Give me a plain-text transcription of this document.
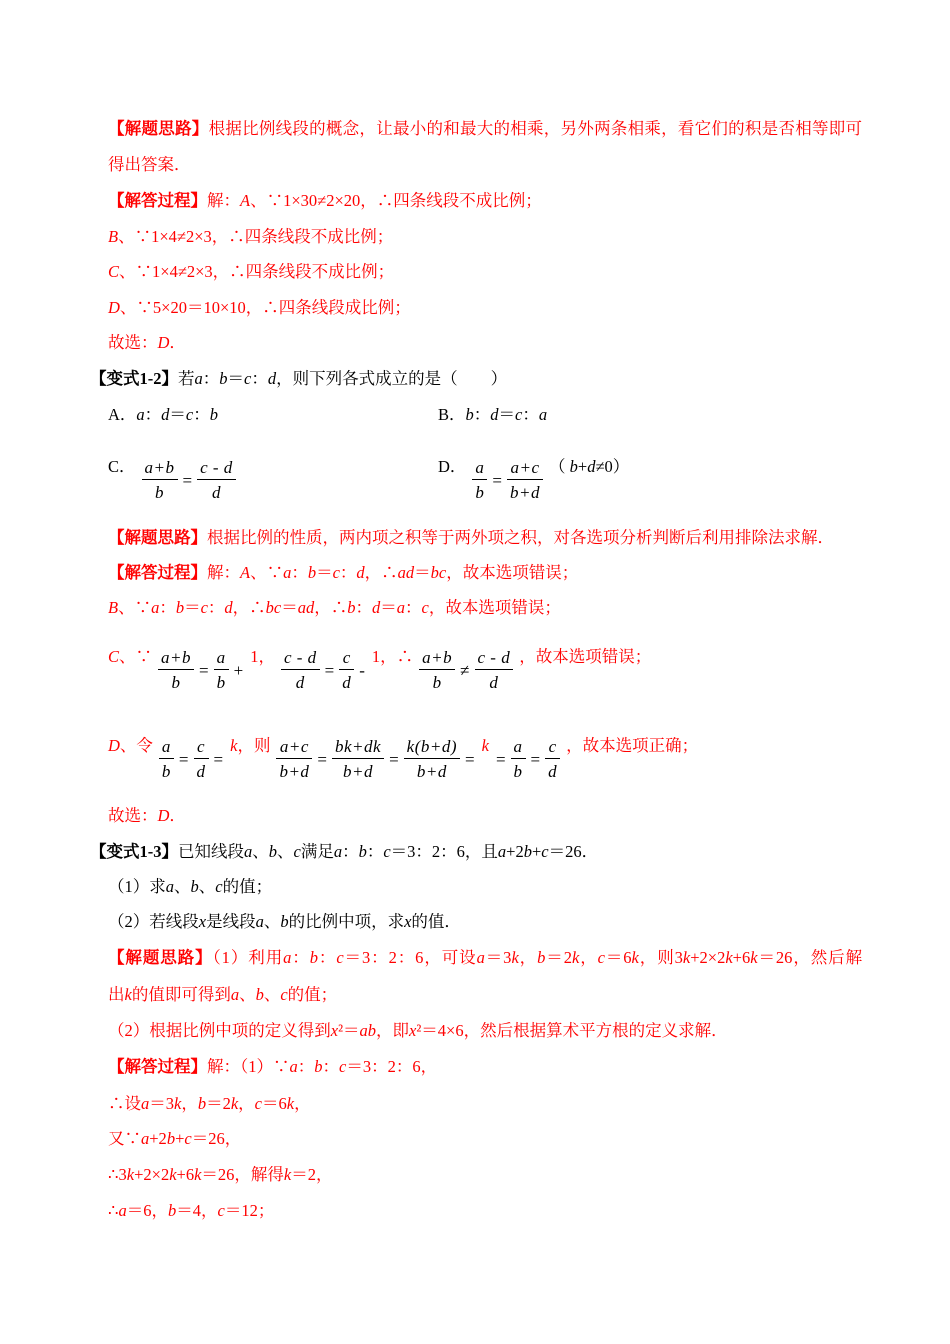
【解题思路】根据比例线段的概念，让最小的和最大的相乘，另外两条相乘，看它们的积是否相等即可
得出答案．
【解答过程】解：A、∵1×30≠2×20，∴四条线段不成比例；
B、∵1×4≠2×3，∴四条线段不成比例；
C、∵1×4≠2×3，∴四条线段不成比例；
D、∵5×20＝10×10，∴四条线段成比例；
故选：D．
【变式1-2】若a：b＝c：d，则下列各式成立的是（　　）
A．a：d＝c：b	B．b：d＝c：a
C． $\frac{a+b}{b} = \frac{c - d}{d}$	D． $\frac{a}{b} = \frac{a+c}{b+d}$ （ b+d≠0）
【解题思路】根据比例的性质，两内项之积等于两外项之积，对各选项分析判断后利用排除法求解．
【解答过程】解：A、∵a：b＝c：d，∴ad＝bc，故本选项错误；
B、∵a：b＝c：d，∴bc＝ad，∴b：d＝a：c，故本选项错误；
C、∵ $\frac{a+b}{b} = \frac{a}{b}$ +
1， $\frac{c - d}{d} = \frac{c}{d}$ -
1，∴ $\frac{a+b}{b} \ne \frac{c - d}{d}$ ，故本选项错误；
D、令 $\frac{a}{b} = \frac{c}{d}$ =
k，则 $\frac{a+c}{b+d} = \frac{bk+dk}{b+d} = \frac{k(b+d)}{b+d}$ =
k
= $\frac{a}{b} = \frac{c}{d}$ ，故本选项正确；
故选：D．
【变式1-3】已知线段a、b、c满足a：b：c＝3：2：6，且a+2b+c＝26．
（1）求a、b、c的值；
（2）若线段x是线段a、b的比例中项，求x的值．
【解题思路】（1）利用a：b：c＝3：2：6，可设a＝3k，b＝2k，c＝6k，则3k+2×2k+6k＝26，然后解
出k的值即可得到a、b、c的值；
（2）根据比例中项的定义得到x²＝ab，即x²＝4×6，然后根据算术平方根的定义求解．
【解答过程】解：（1）∵a：b：c＝3：2：6，
∴设a＝3k，b＝2k，c＝6k，
又∵a+2b+c＝26，
∴3k+2×2k+6k＝26，解得k＝2，
∴a＝6，b＝4，c＝12；
